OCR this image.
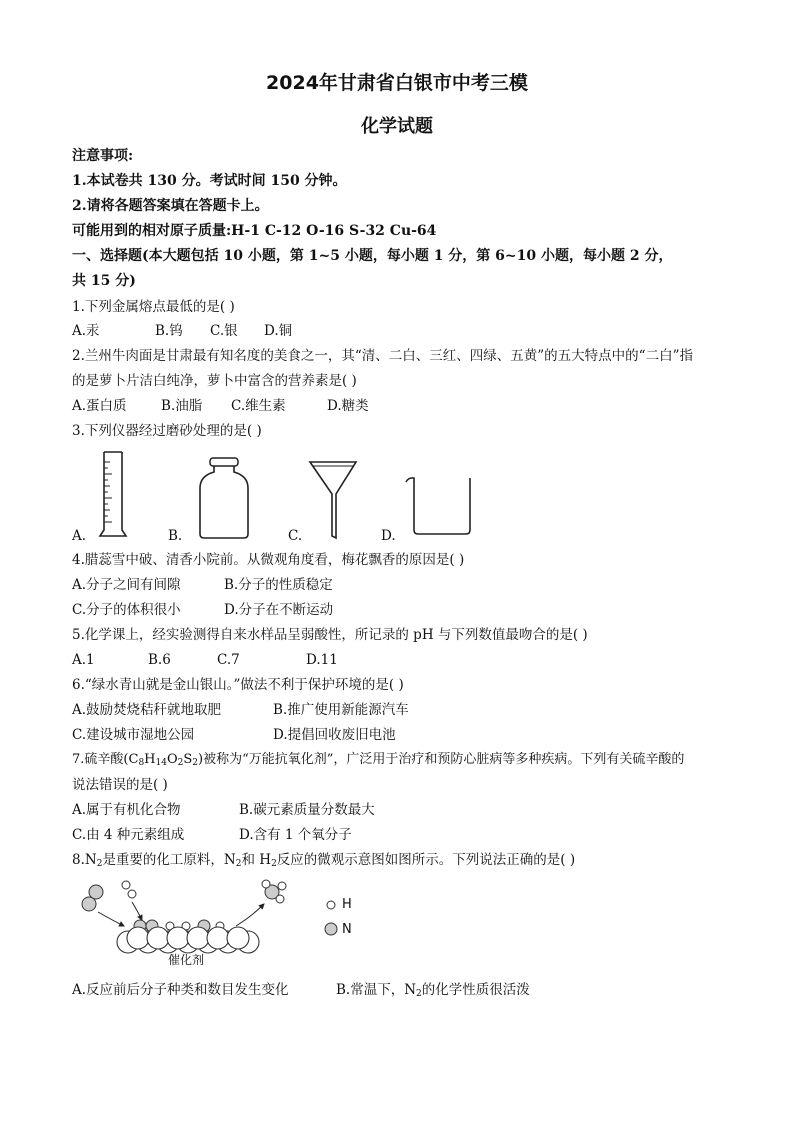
2024年甘肃省白银市中考三模
化学试题
注意事项:
1.本试卷共 130 分。考试时间 150 分钟。
2.请将各题答案填在答题卡上。
可能用到的相对原子质量:H-1 C-12 O-16 S-32 Cu-64
一、选择题(本大题包括 10 小题，第 1~5 小题，每小题 1 分，第 6~10 小题，每小题 2 分，
共 15 分)
1.下列金属熔点最低的是( )
A.汞	B.钨 C.银 D.铜
2.兰州牛肉面是甘肃最有知名度的美食之一，其“清、二白、三红、四绿、五黄”的五大特点中的“二白”指
的是萝卜片洁白纯净，萝卜中富含的营养素是( )
A.蛋白质	B.油脂 C.维生素	D.糖类
3.下列仪器经过磨砂处理的是( )
A.	B.	C.	D.
4.腊蕊雪中破、清香小院前。从微观角度看，梅花飘香的原因是( )
A.分子之间有间隙	B.分子的性质稳定
C.分子的体积很小	D.分子在不断运动
5.化学课上，经实验测得自来水样品呈弱酸性，所记录的 pH 与下列数值最吻合的是( )
A.1	B.6	C.7	D.11
6.“绿水青山就是金山银山。”做法不利于保护环境的是( )
A.鼓励焚烧秸秆就地取肥	B.推广使用新能源汽车
C.建设城市湿地公园	D.提倡回收废旧电池
7.硫辛酸$(C_8H_{14}O_2S_2)$被称为“万能抗氧化剂”，广泛用于治疗和预防心脏病等多种疾病。下列有关硫辛酸的
说法错误的是( )
A.属于有机化合物	B.碳元素质量分数最大
C.由 4 种元素组成	D.含有 1 个氧分子
$8.N_2$是重要的化工原料，$N_2$和 $H_2$反应的微观示意图如图所示。下列说法正确的是( )
催化剂
H
N
A.反应前后分子种类和数目发生变化	B.常温下，$N_2$的化学性质很活泼
